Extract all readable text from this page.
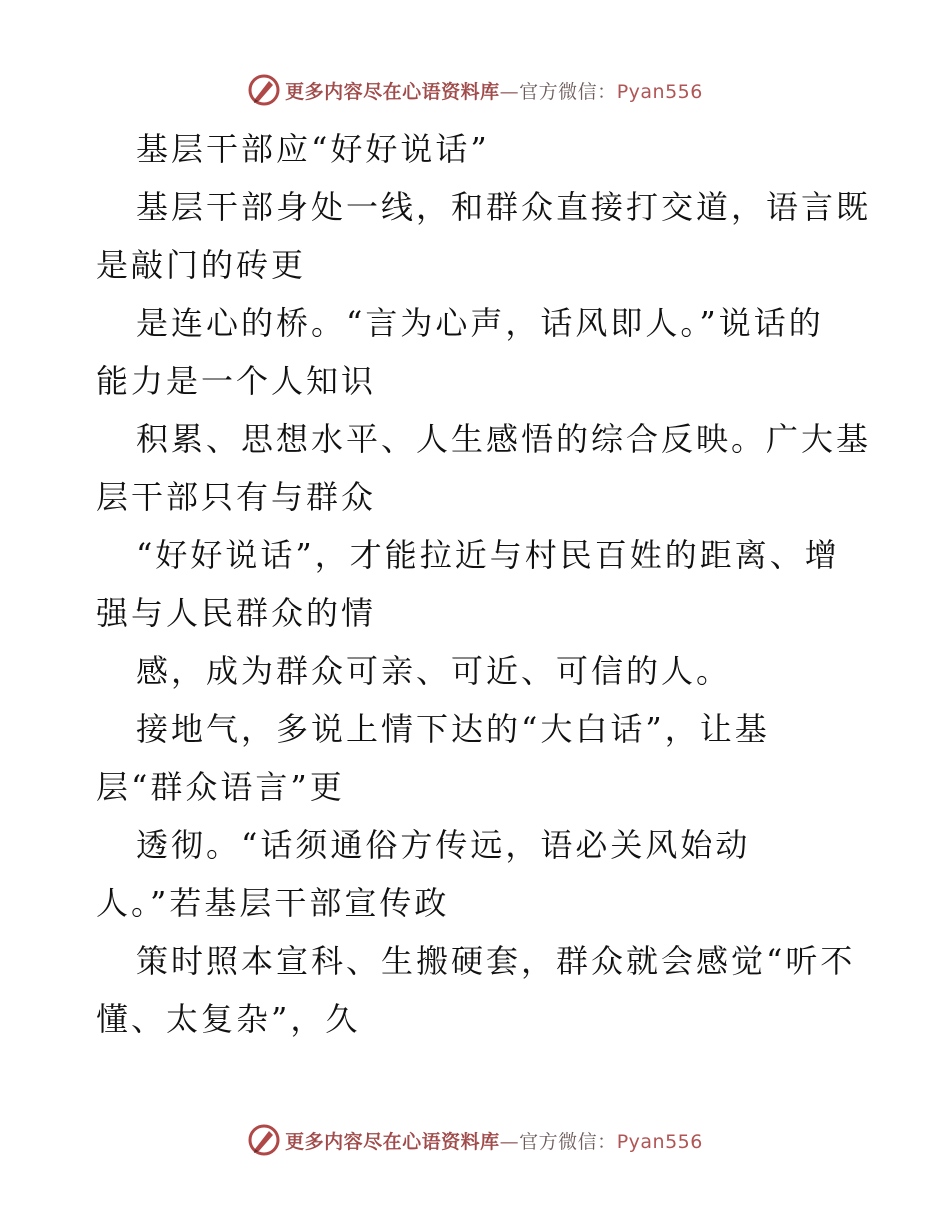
更多内容尽在心语资料库—官方微信：Pyan556
基层干部应“好好说话”
基层干部身处一线，和群众直接打交道，语言既
是敲门的砖更
是连心的桥。“言为心声，话风即人。”说话的
能力是一个人知识
积累、思想水平、人生感悟的综合反映。广大基
层干部只有与群众
“好好说话”，才能拉近与村民百姓的距离、增
强与人民群众的情
感，成为群众可亲、可近、可信的人。
接地气，多说上情下达的“大白话”，让基
层“群众语言”更
透彻。“话须通俗方传远，语必关风始动
人。”若基层干部宣传政
策时照本宣科、生搬硬套，群众就会感觉“听不
懂、太复杂”，久
更多内容尽在心语资料库—官方微信：Pyan556
